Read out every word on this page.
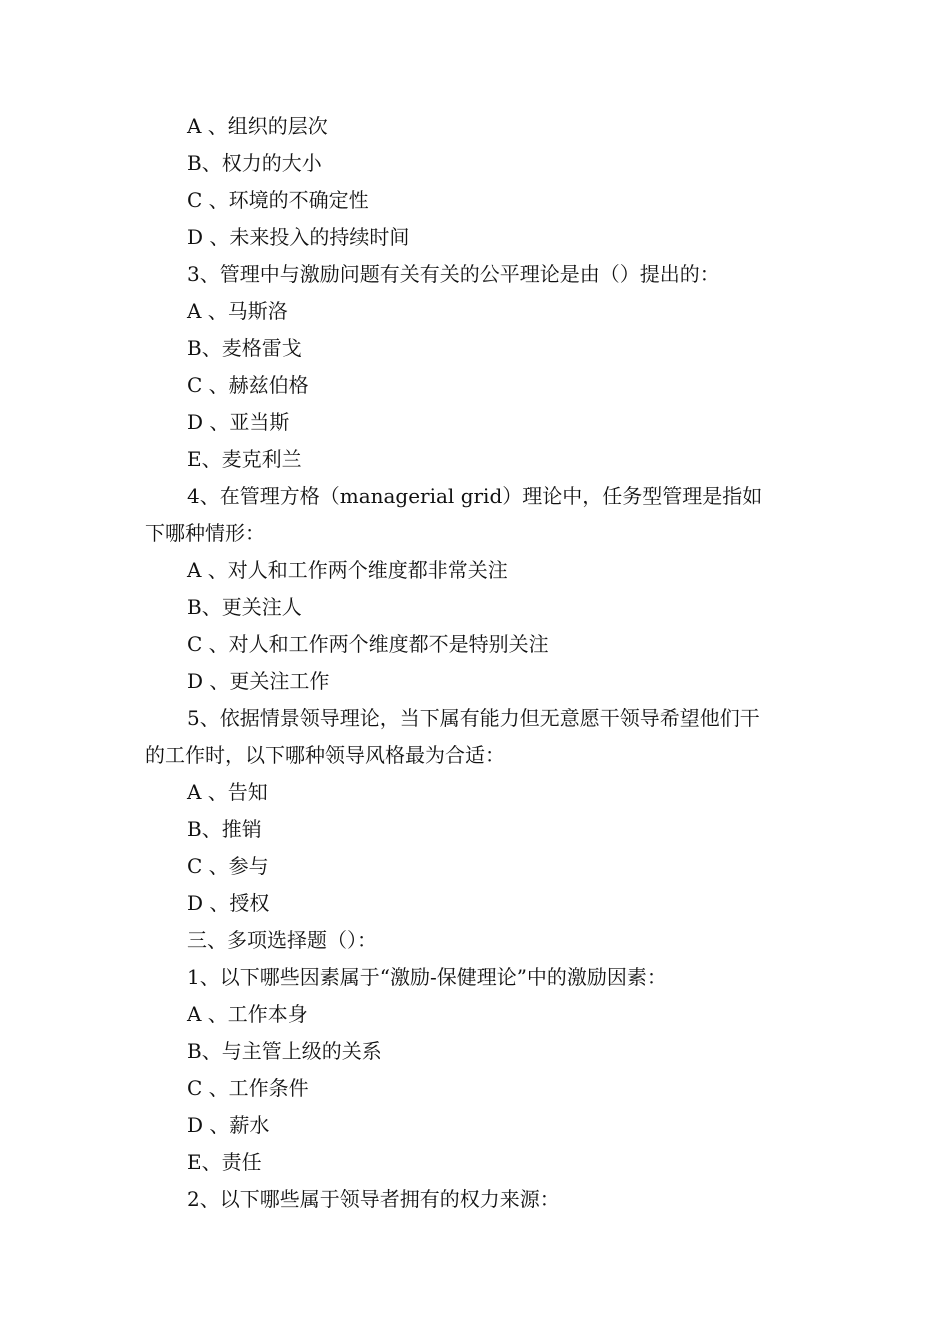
A 、组织的层次
B、权力的大小
C 、环境的不确定性
D 、未来投入的持续时间
3、管理中与激励问题有关有关的公平理论是由（）提出的：
A 、马斯洛
B、麦格雷戈
C 、赫兹伯格
D 、亚当斯
E、麦克利兰
4、在管理方格（managerial grid）理论中，任务型管理是指如
下哪种情形：
A 、对人和工作两个维度都非常关注
B、更关注人
C 、对人和工作两个维度都不是特别关注
D 、更关注工作
5、依据情景领导理论，当下属有能力但无意愿干领导希望他们干
的工作时，以下哪种领导风格最为合适：
A 、告知
B、推销
C 、参与
D 、授权
三、多项选择题（）：
1、以下哪些因素属于“激励-保健理论”中的激励因素：
A 、工作本身
B、与主管上级的关系
C 、工作条件
D 、薪水
E、责任
2、以下哪些属于领导者拥有的权力来源：
